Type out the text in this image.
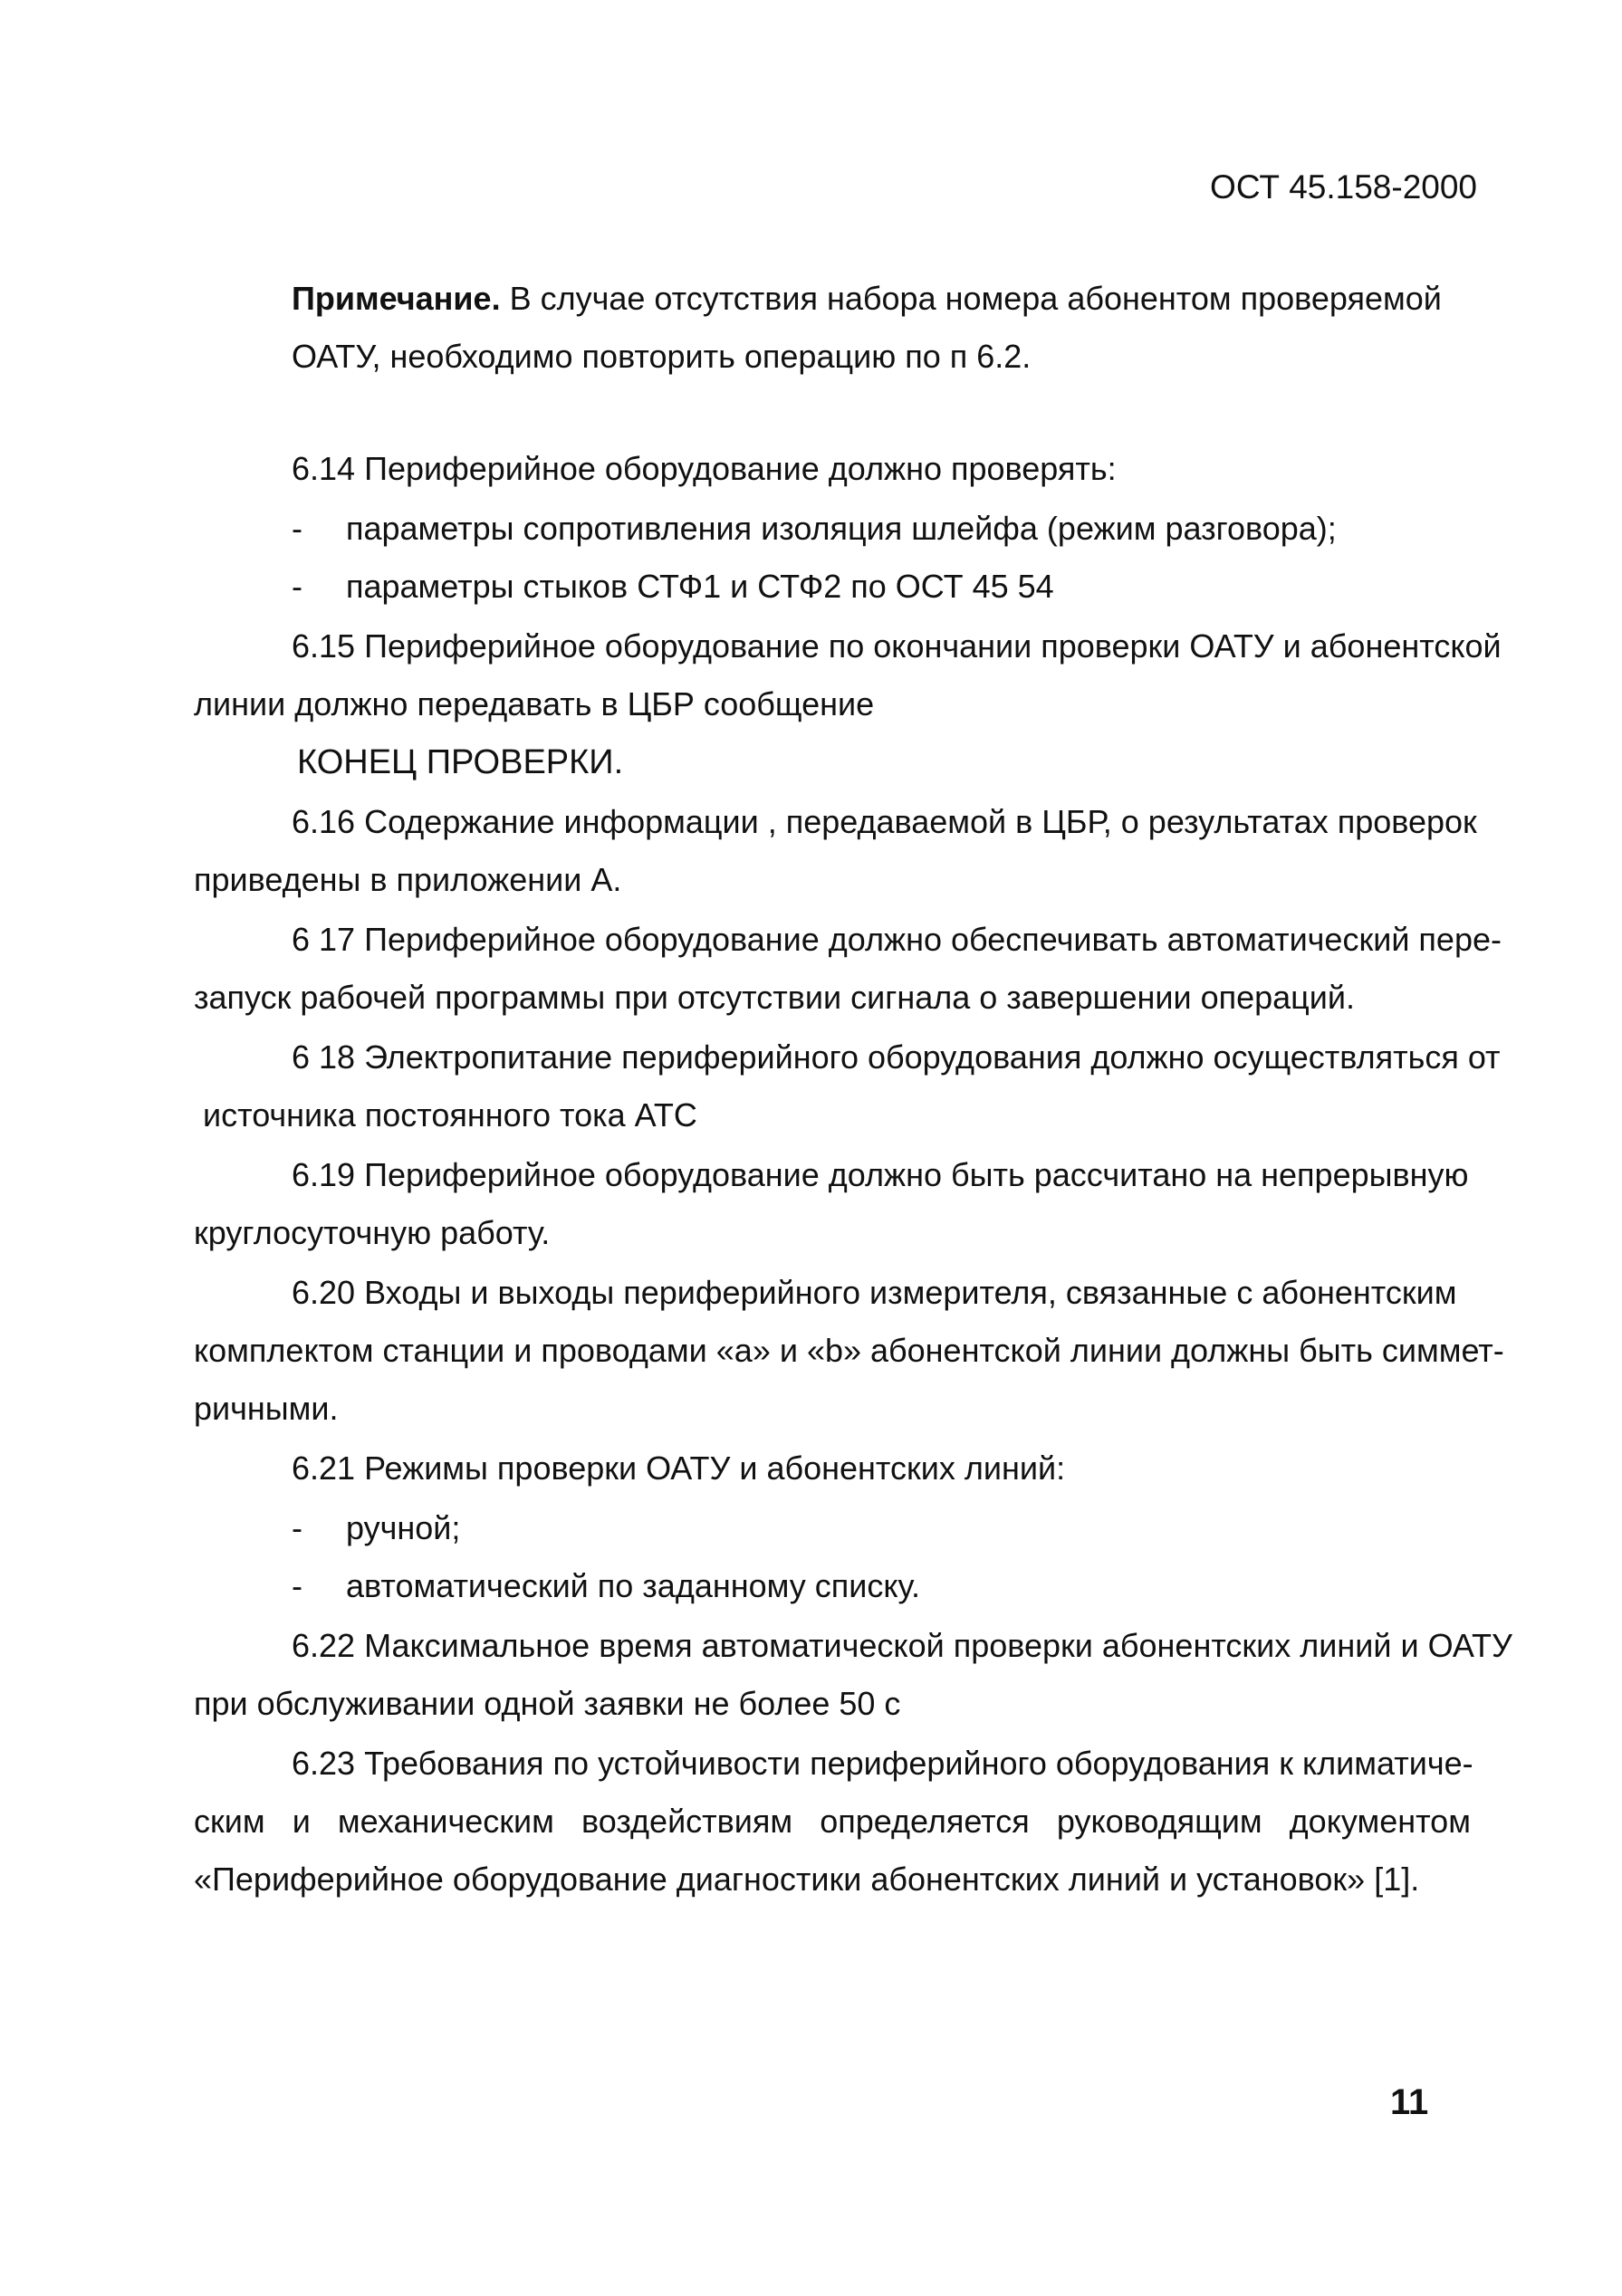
ОСТ 45.158-2000
Примечание. В случае отсутствия набора номера абонентом проверяемой
ОАТУ, необходимо повторить операцию по п 6.2.
6.14 Периферийное оборудование должно проверять:
- параметры сопротивления изоляция шлейфа (режим разговора);
- параметры стыков СТФ1 и СТФ2 по ОСТ 45 54
6.15 Периферийное оборудование по окончании проверки ОАТУ и абонентской
линии должно передавать в ЦБР сообщение
КОНЕЦ ПРОВЕРКИ.
6.16 Содержание информации , передаваемой в ЦБР, о результатах проверок
приведены в приложении А.
6 17 Периферийное оборудование должно обеспечивать автоматический пере-
запуск рабочей программы при отсутствии сигнала о завершении операций.
6 18 Электропитание периферийного оборудования должно осуществляться от
источника постоянного тока АТС
6.19 Периферийное оборудование должно быть рассчитано на непрерывную
круглосуточную работу.
6.20 Входы и выходы периферийного измерителя, связанные с абонентским
комплектом станции и проводами «а» и «b» абонентской линии должны быть симмет-
ричными.
6.21 Режимы проверки ОАТУ и абонентских линий:
- ручной;
- автоматический по заданному списку.
6.22 Максимальное время автоматической проверки абонентских линий и ОАТУ
при обслуживании одной заявки не более 50 с
6.23 Требования по устойчивости периферийного оборудования к климатиче-
ским и механическим воздействиям определяется руководящим документом
«Периферийное оборудование диагностики абонентских линий и установок» [1].
11
